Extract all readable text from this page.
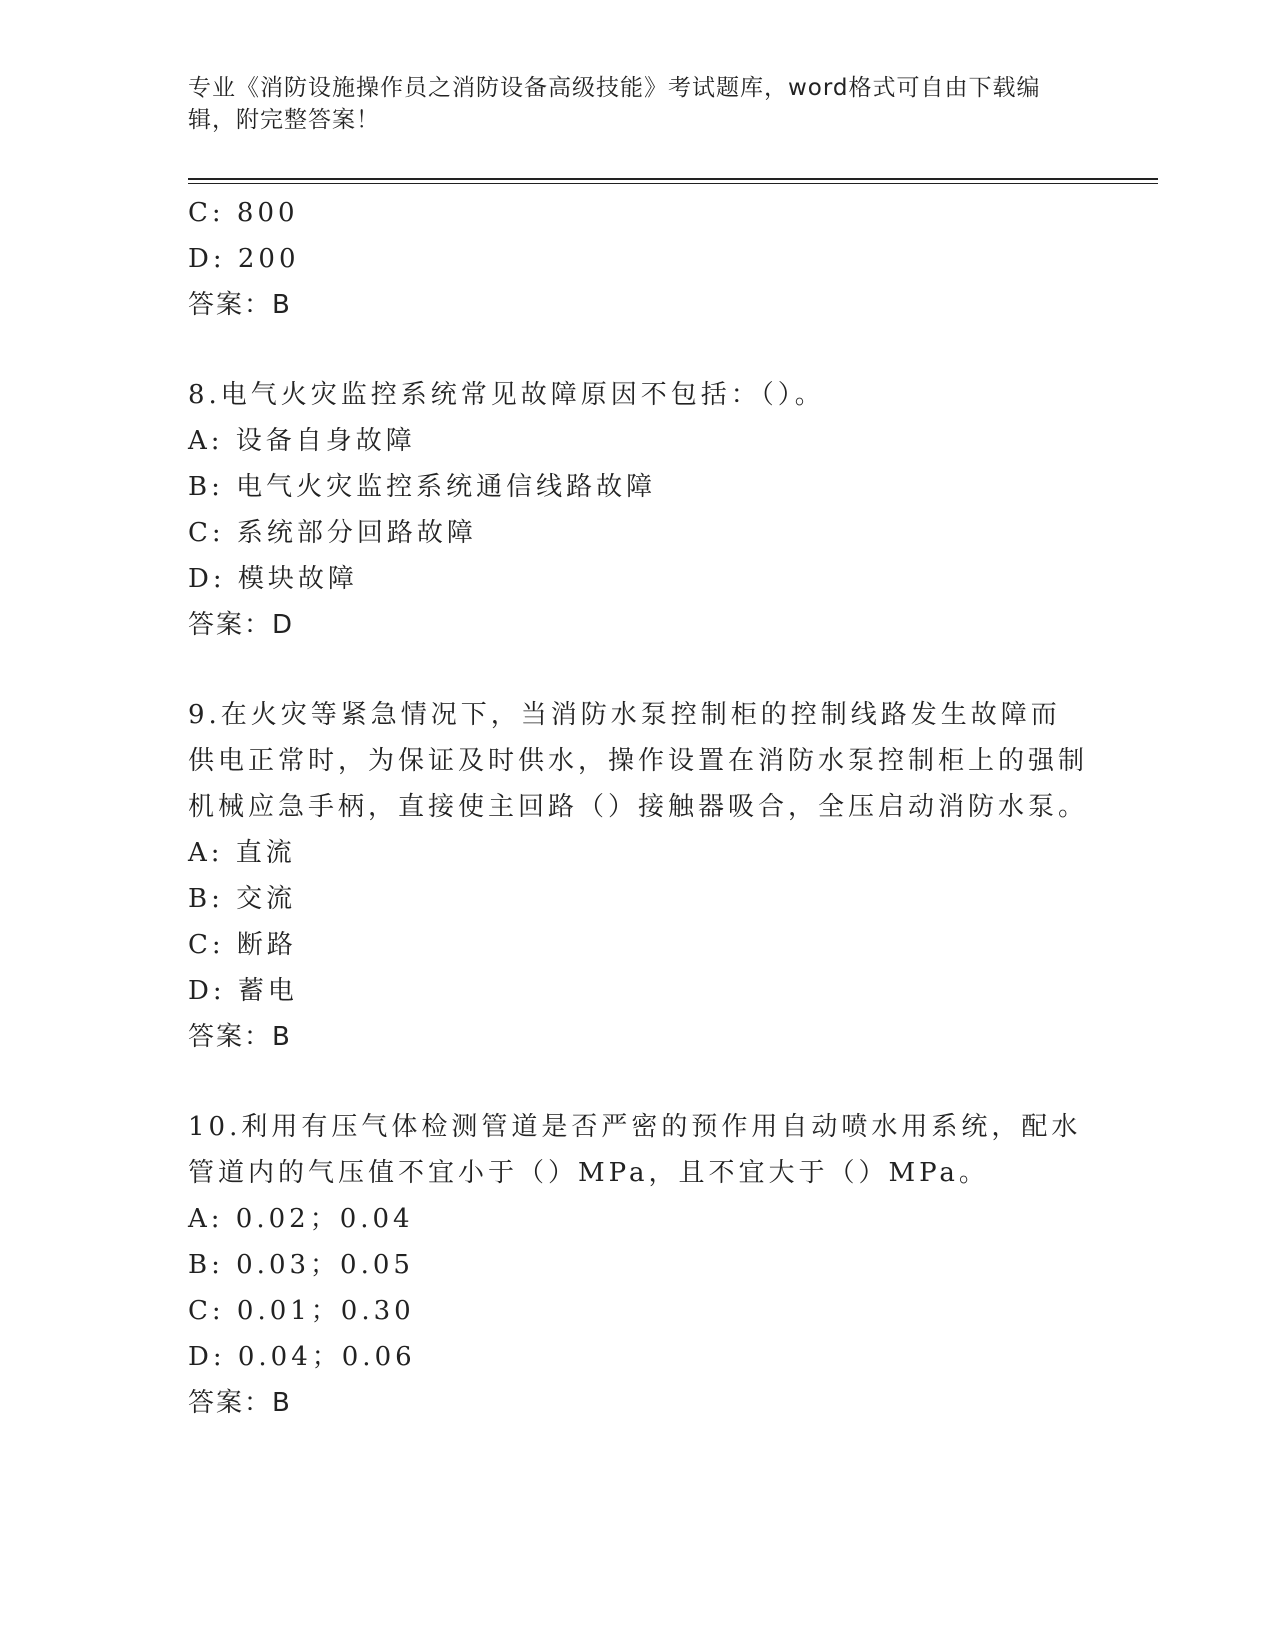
专业《消防设施操作员之消防设备高级技能》考试题库，word格式可自由下载编辑，附完整答案！
C: 800
D: 200
答案：B
8.电气火灾监控系统常见故障原因不包括：（）。
A: 设备自身故障
B: 电气火灾监控系统通信线路故障
C: 系统部分回路故障
D: 模块故障
答案：D
9.在火灾等紧急情况下，当消防水泵控制柜的控制线路发生故障而供电正常时，为保证及时供水，操作设置在消防水泵控制柜上的强制机械应急手柄，直接使主回路（）接触器吸合，全压启动消防水泵。
A: 直流
B: 交流
C: 断路
D: 蓄电
答案：B
10.利用有压气体检测管道是否严密的预作用自动喷水用系统，配水管道内的气压值不宜小于（）MPa，且不宜大于（）MPa。
A: 0.02；0.04
B: 0.03；0.05
C: 0.01；0.30
D: 0.04；0.06
答案：B
